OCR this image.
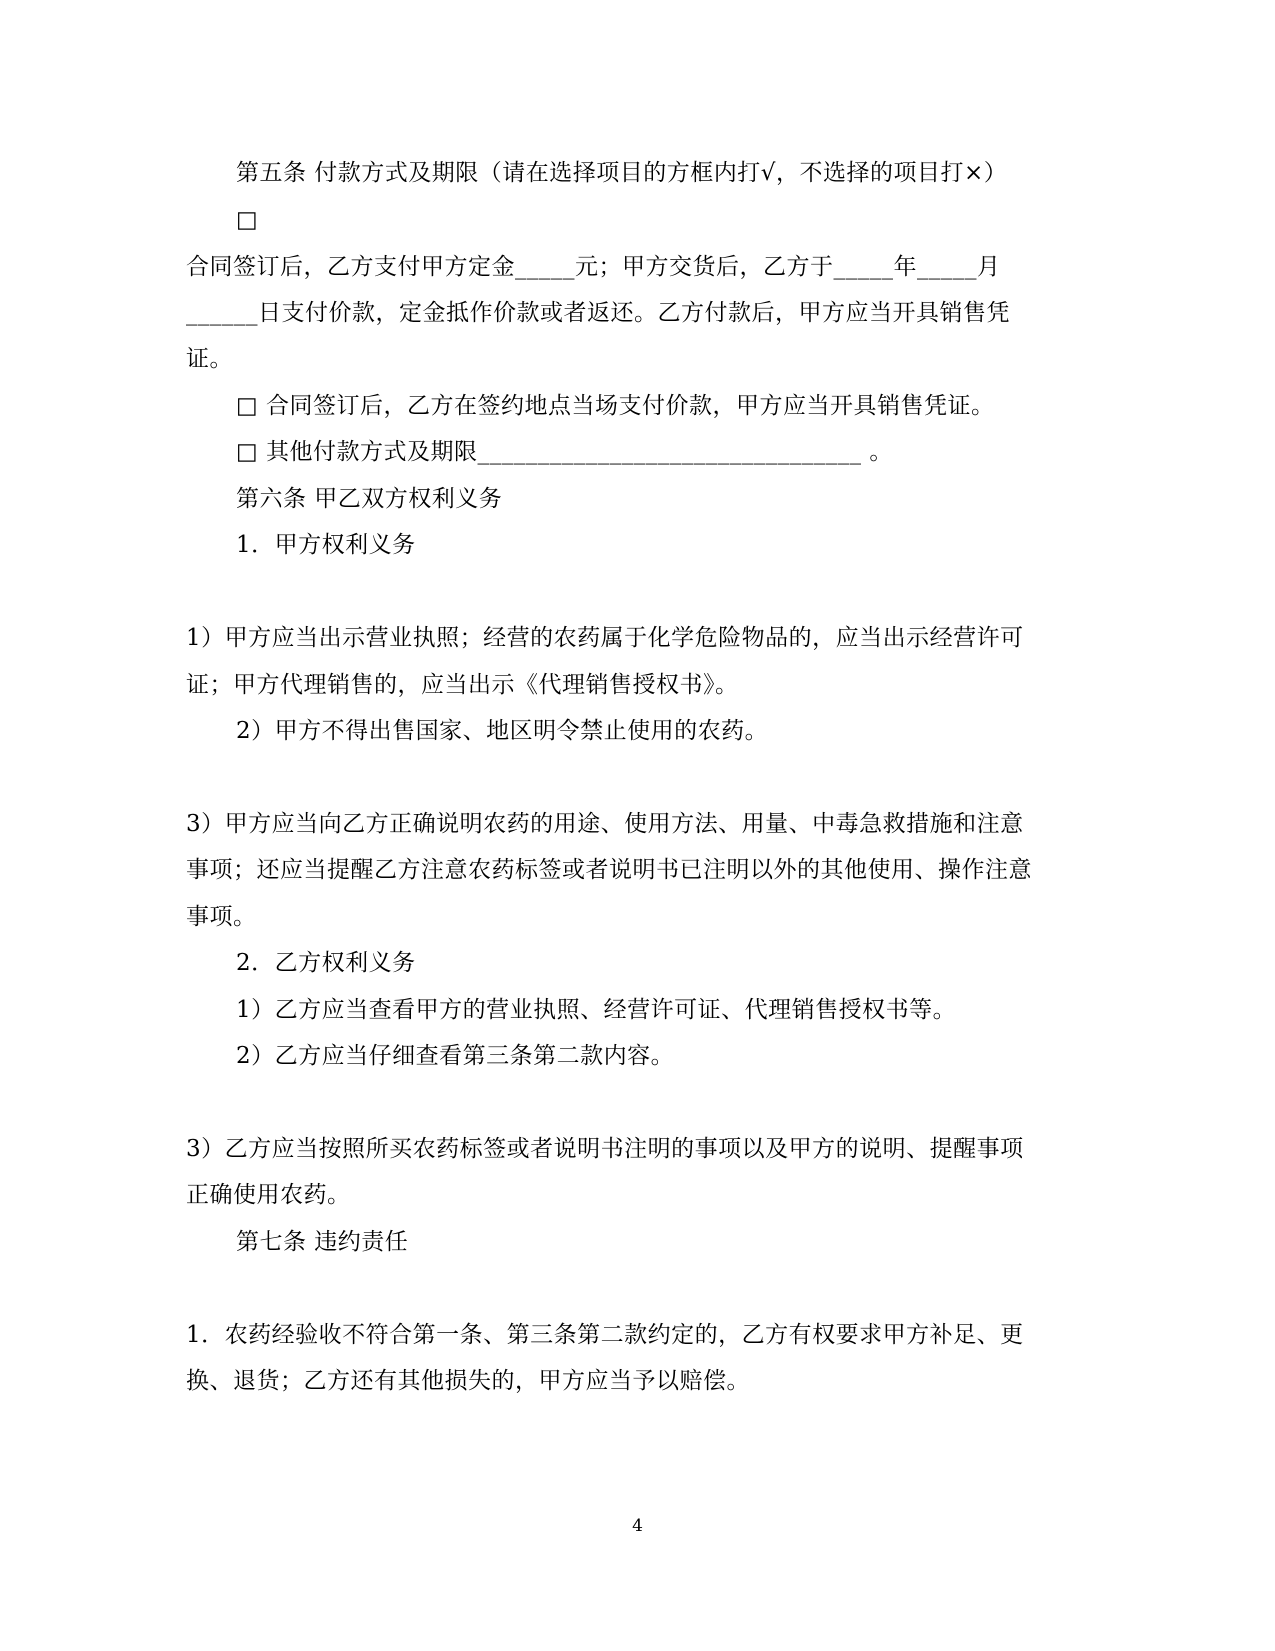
第五条 付款方式及期限（请在选择项目的方框内打√，不选择的项目打×）
□
合同签订后，乙方支付甲方定金_____元；甲方交货后，乙方于_____年_____月
______日支付价款，定金抵作价款或者返还。乙方付款后，甲方应当开具销售凭
证。
□ 合同签订后，乙方在签约地点当场支付价款，甲方应当开具销售凭证。
□ 其他付款方式及期限________________________________ 。
第六条 甲乙双方权利义务
1．甲方权利义务
1）甲方应当出示营业执照；经营的农药属于化学危险物品的，应当出示经营许可
证；甲方代理销售的，应当出示《代理销售授权书》。
2）甲方不得出售国家、地区明令禁止使用的农药。
3）甲方应当向乙方正确说明农药的用途、使用方法、用量、中毒急救措施和注意
事项；还应当提醒乙方注意农药标签或者说明书已注明以外的其他使用、操作注意
事项。
2．乙方权利义务
1）乙方应当查看甲方的营业执照、经营许可证、代理销售授权书等。
2）乙方应当仔细查看第三条第二款内容。
3）乙方应当按照所买农药标签或者说明书注明的事项以及甲方的说明、提醒事项
正确使用农药。
第七条 违约责任
1．农药经验收不符合第一条、第三条第二款约定的，乙方有权要求甲方补足、更
换、退货；乙方还有其他损失的，甲方应当予以赔偿。
4
